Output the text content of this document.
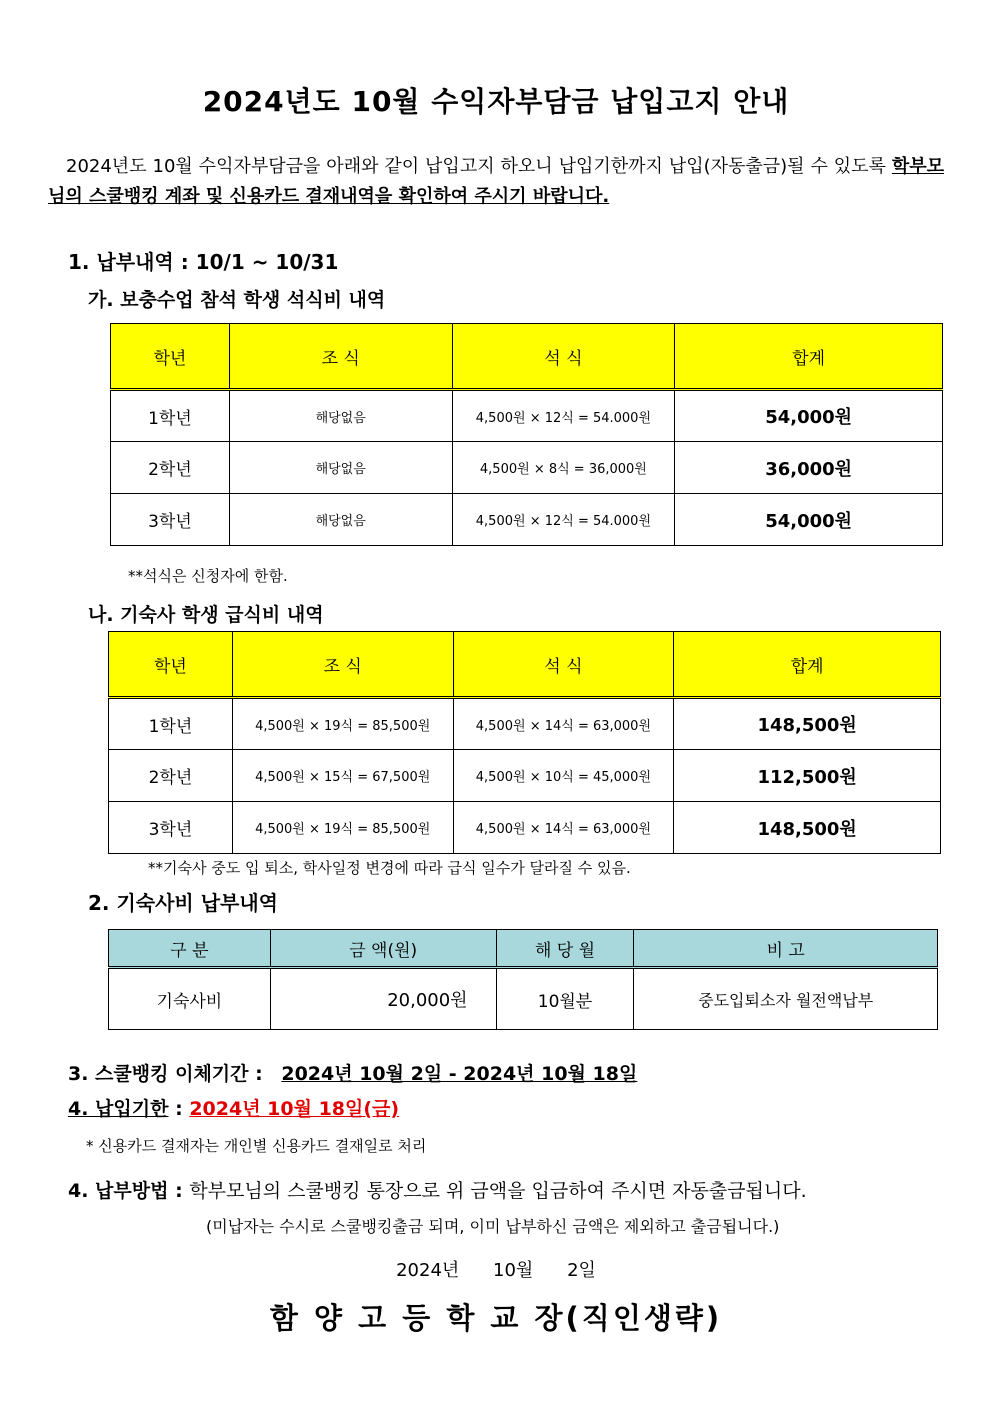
2024년도 10월 수익자부담금 납입고지 안내
2024년도 10월 수익자부담금을 아래와 같이 납입고지 하오니 납입기한까지 납입(자동출금)될 수 있도록 학부모님의 스쿨뱅킹 계좌 및 신용카드 결재내역을 확인하여 주시기 바랍니다.
1. 납부내역 : 10/1 ~ 10/31
가. 보충수업 참석 학생 석식비 내역
학년	조 식	석 식	합계
1학년	해당없음	4,500원 × 12식 = 54.000원	54,000원
2학년	해당없음	4,500원 × 8식 = 36,000원	36,000원
3학년	해당없음	4,500원 × 12식 = 54.000원	54,000원
**석식은 신청자에 한함.
나. 기숙사 학생 급식비 내역
학년	조 식	석 식	합계
1학년	4,500원 × 19식 = 85,500원	4,500원 × 14식 = 63,000원	148,500원
2학년	4,500원 × 15식 = 67,500원	4,500원 × 10식 = 45,000원	112,500원
3학년	4,500원 × 19식 = 85,500원	4,500원 × 14식 = 63,000원	148,500원
**기숙사 중도 입 퇴소, 학사일정 변경에 따라 급식 일수가 달라질 수 있음.
2. 기숙사비 납부내역
구 분	금 액(원)	해 당 월	비 고
기숙사비	20,000원	10월분	중도입퇴소자 월전액납부
3. 스쿨뱅킹 이체기간 : 2024년 10월 2일 - 2024년 10월 18일
4. 납입기한 : 2024년 10월 18일(금)
* 신용카드 결재자는 개인별 신용카드 결재일로 처리
4. 납부방법 : 학부모님의 스쿨뱅킹 통장으로 위 금액을 입금하여 주시면 자동출금됩니다.
(미납자는 수시로 스쿨뱅킹출금 되며, 이미 납부하신 금액은 제외하고 출금됩니다.)
2024년 10월 2일
함 양 고 등 학 교 장(직인생략)
